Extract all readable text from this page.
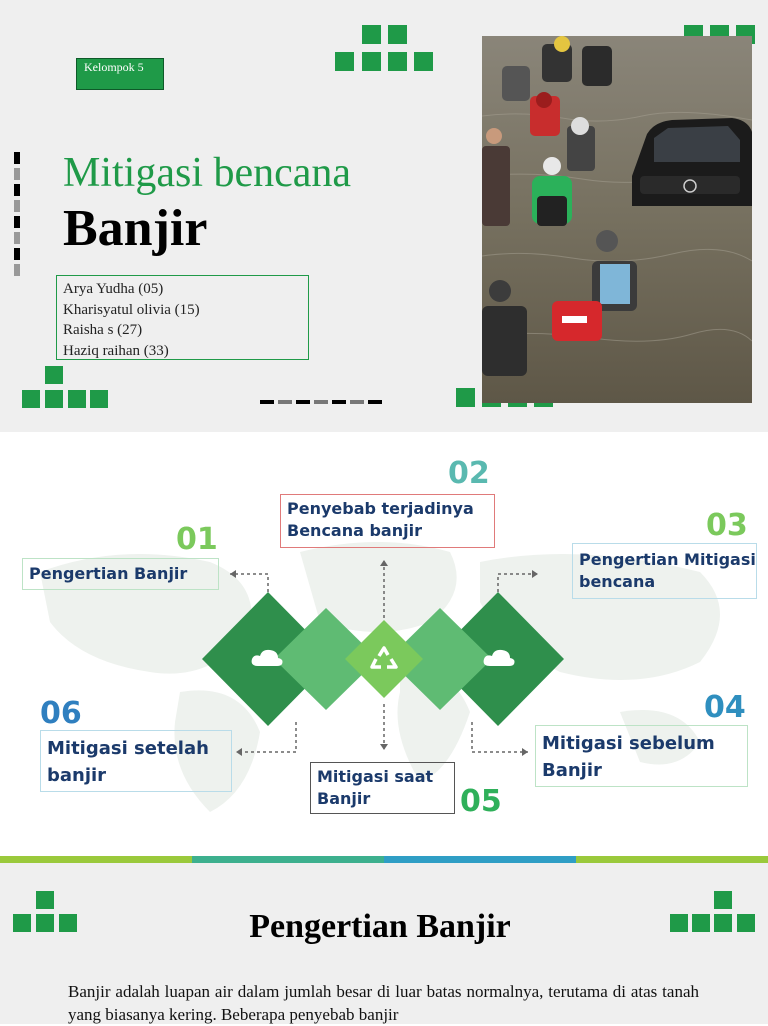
Kelompok 5
Mitigasi bencana
Banjir
Arya Yudha (05)
Kharisyatul olivia (15)
Raisha s (27)
Haziq raihan (33)
01
02
03
04
05
06
Pengertian Banjir
Penyebab terjadinya Bencana banjir
Pengertian Mitigasi bencana
Mitigasi sebelum Banjir
Mitigasi saat Banjir
Mitigasi setelah banjir
Pengertian Banjir
Banjir adalah luapan air dalam jumlah besar di luar batas normalnya, terutama di atas tanah yang biasanya kering. Beberapa penyebab banjir
